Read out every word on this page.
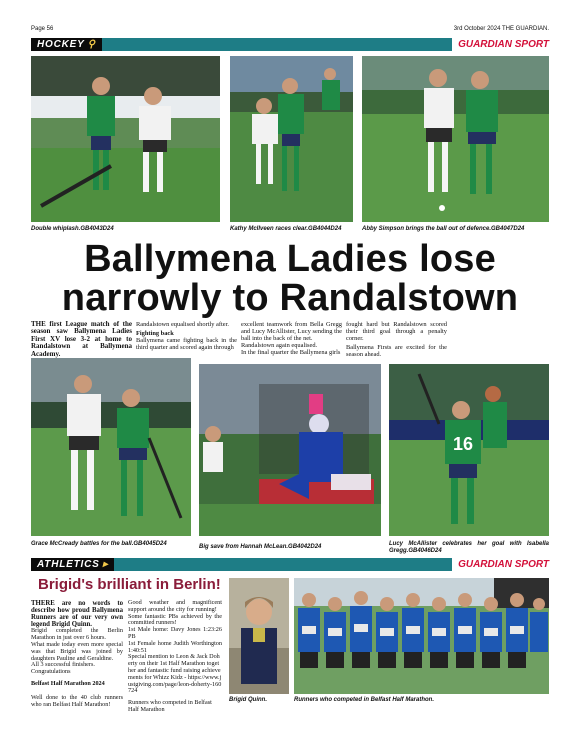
Page 56	3rd October 2024 THE GUARDIAN.
HOCKEY ⚲	GUARDIAN SPORT
Double whiplash.GB4043D24	Kathy McIlveen races clear.GB4044D24	Abby Simpson brings the ball out of defence.GB4047D24
Ballymena Ladies lose
narrowly to Randalstown

THE first League match of the season saw Ballymena Ladies First XV lose 3-2 at home to Randalstown at Ballymena Academy.

Randalstown equalised shortly after.

Fighting back

Ballymena came fighting back in the third quarter and scored again through

excellent teamwork from Bella Gregg and Lucy McAllister, Lucy sending the ball into the back of the net.

Randalstown again equalised.

In the final quarter the Ballymena girls

fought hard but Randalstown scored their third goal through a penalty corner.

Ballymena Firsts are excited for the season ahead.

16
Grace McCready battles for the ball.GB4045D24	Big save from Hannah McLean.GB4042D24	Lucy McAllister celebrates her goal with Isabella Gregg.GB4046D24
ATHLETICS ▸	GUARDIAN SPORT
Brigid's brilliant in Berlin!

THERE are no words to describe how proud Ballymena Runners are of our very own legend Brigid Quinn.

Brigid completed the Berlin Marathon in just over 6 hours.

What made today even more special was that Brigid was joined by daughters Pauline and Geraldine.

All 3 successful finishers.

Congratulations

Belfast Half Marathon 2024

Well done to the 40 club runners who ran Belfast Half Marathon!

Good weather and magnificent support around the city for running!

Some fantastic PBs achieved by the committed runners!

1st Male home: Davy Jones 1:23:26 PB

1st Female home Judith Worthington 1:40:51

Special mention to Leon & Jack Doherty on their 1st Half Marathon together and fantastic fund raising achievements for Whizz Kidz - https://www.justgiving.com/page/leon-doherty-160724

Runners who competed in Belfast Half Marathon

Brigid Quinn.	Runners who competed in Belfast Half Marathon.
